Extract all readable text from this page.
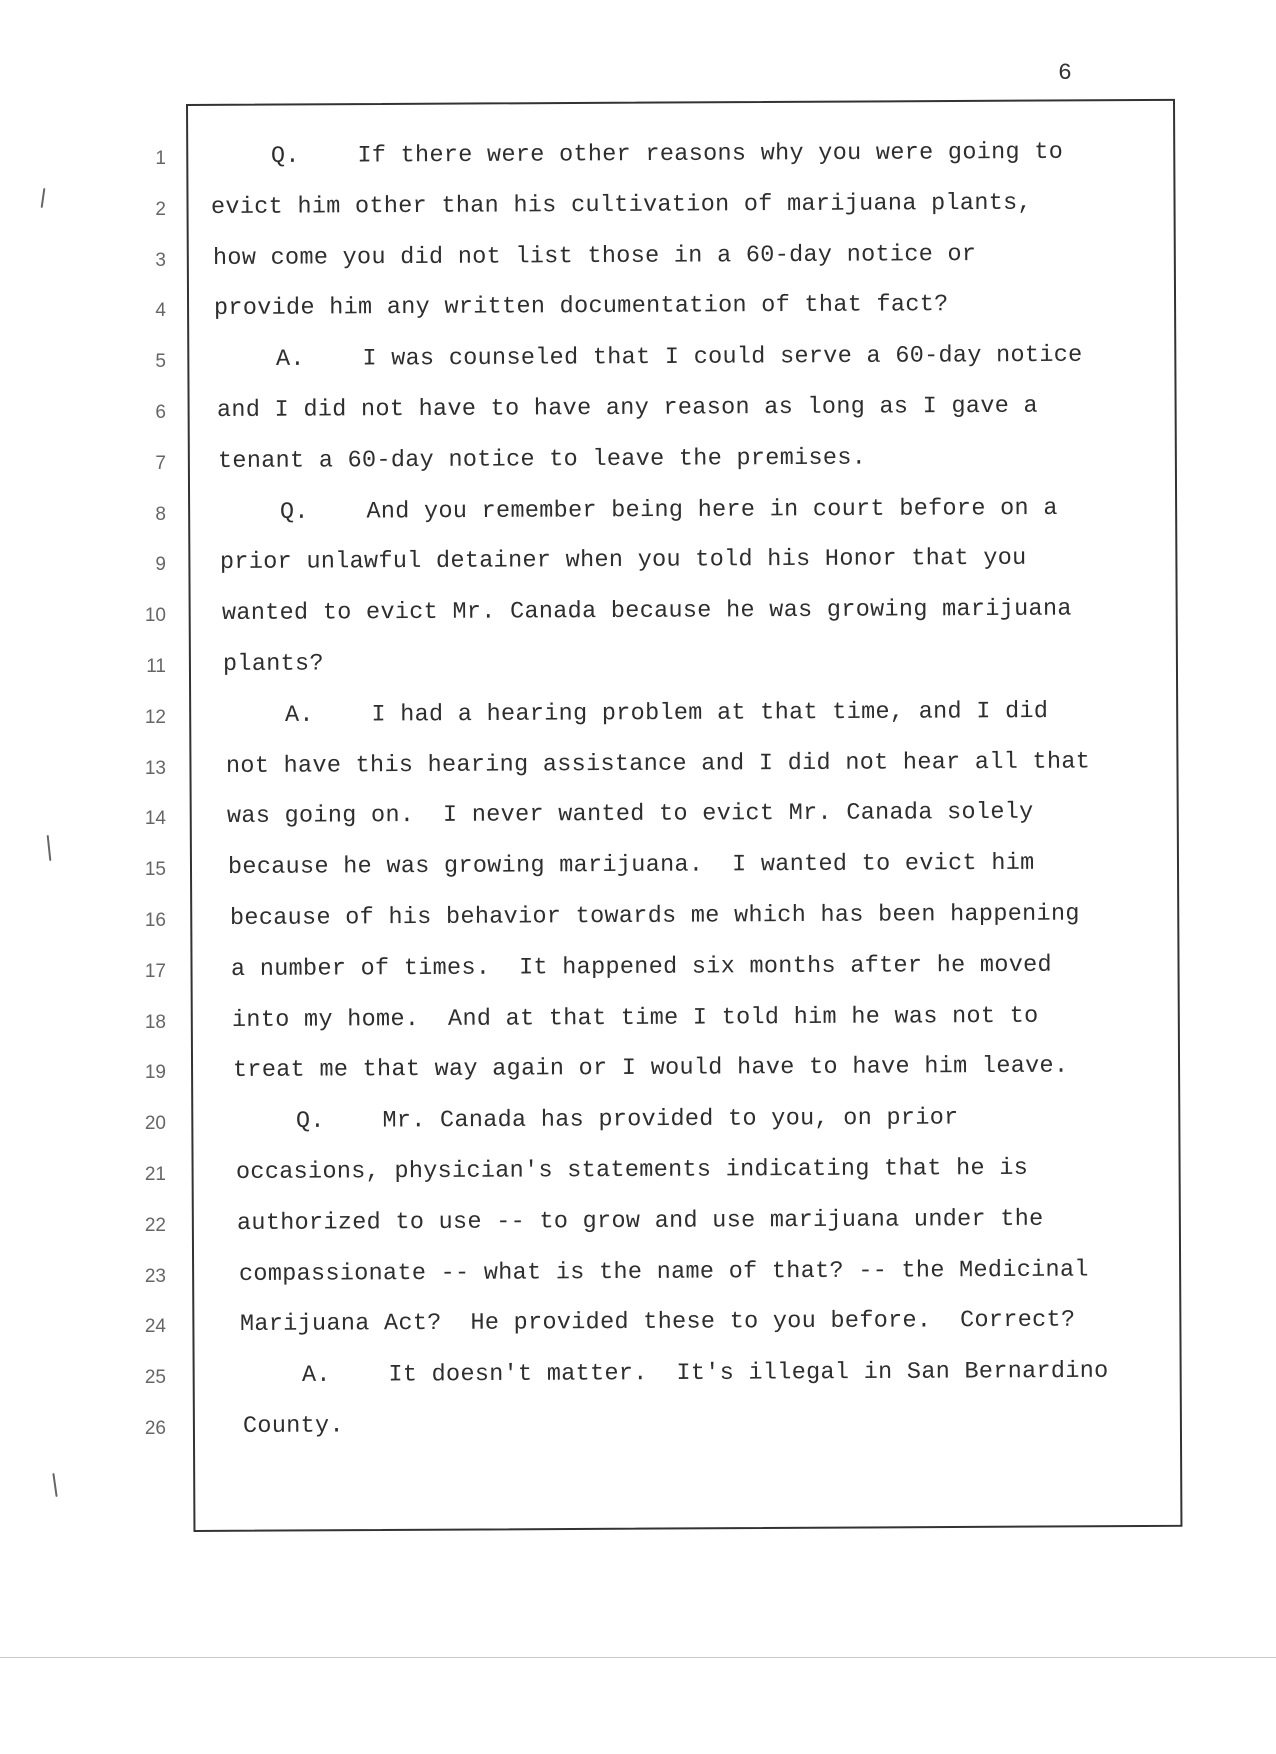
6
1	Q.    If there were other reasons why you were going to
2 evict him other than his cultivation of marijuana plants,
3 how come you did not list those in a 60-day notice or
4 provide him any written documentation of that fact?
5	A.    I was counseled that I could serve a 60-day notice
6 and I did not have to have any reason as long as I gave a
7 tenant a 60-day notice to leave the premises.
8	Q.    And you remember being here in court before on a
9 prior unlawful detainer when you told his Honor that you
10 wanted to evict Mr. Canada because he was growing marijuana
11 plants?
12	A.    I had a hearing problem at that time, and I did
13	not have this hearing assistance and I did not hear all that
14	was going on.  I never wanted to evict Mr. Canada solely
15	because he was growing marijuana.  I wanted to evict him
16	because of his behavior towards me which has been happening
17	a number of times.  It happened six months after he moved
18	into my home.  And at that time I told him he was not to
19	treat me that way again or I would have to have him leave.
20	Q.    Mr. Canada has provided to you, on prior
21	occasions, physician's statements indicating that he is
22	authorized to use -- to grow and use marijuana under the
23	compassionate -- what is the name of that? -- the Medicinal
24	Marijuana Act?  He provided these to you before.  Correct?
25	A.    It doesn't matter.  It's illegal in San Bernardino
26	County.
